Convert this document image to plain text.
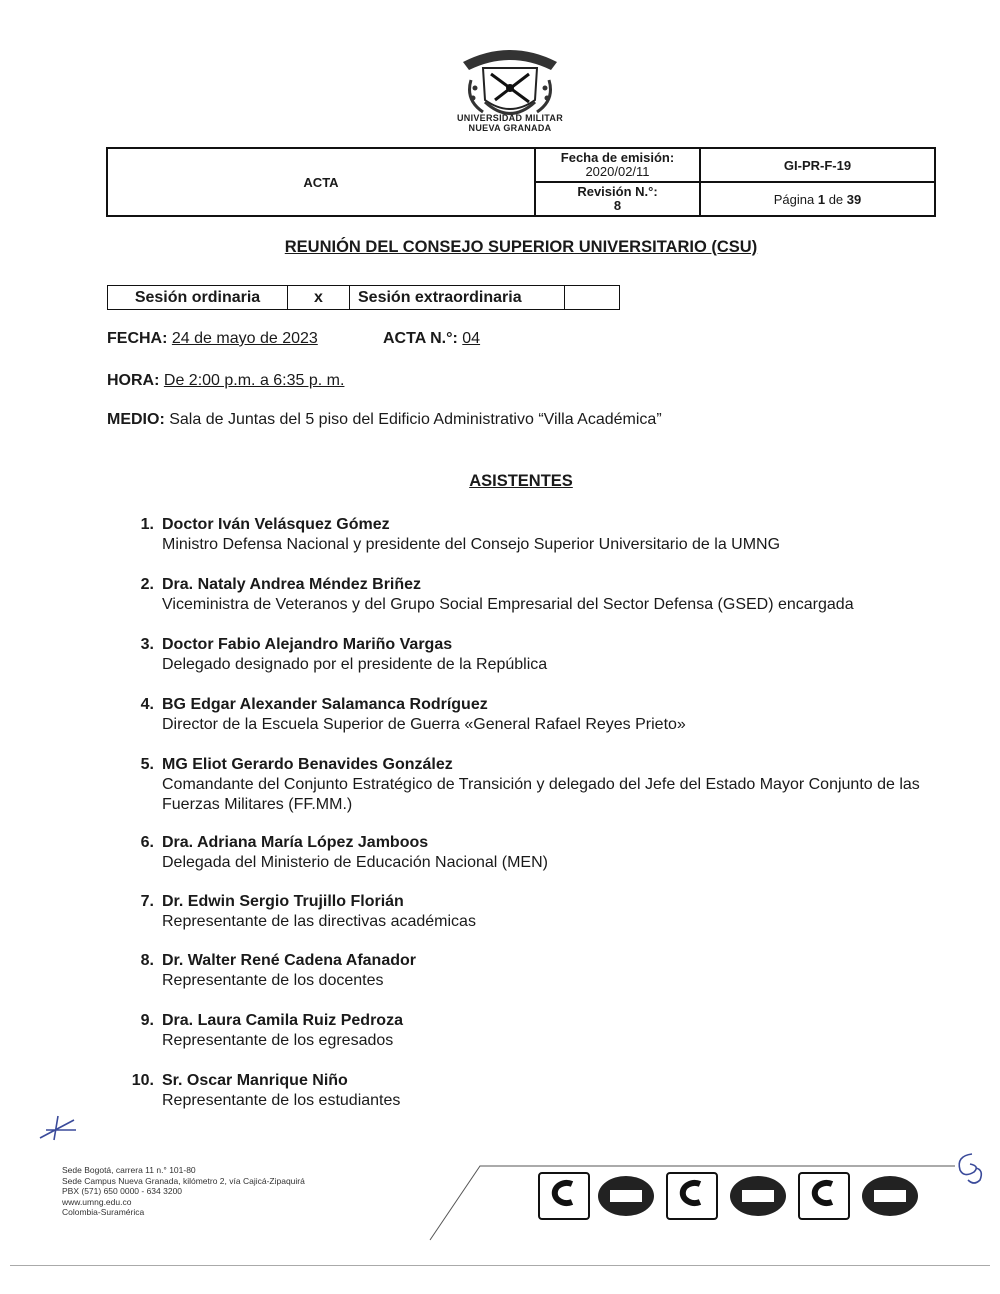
UNIVERSIDAD MILITAR
NUEVA GRANADA
ACTA	Fecha de emisión:
2020/02/11	GI-PR-F-19

	Revisión N.°:
8	Página 1 de 39
REUNIÓN DEL CONSEJO SUPERIOR UNIVERSITARIO (CSU)
Sesión ordinaria	x	Sesión extraordinaria	
FECHA: 24 de mayo de 2023	ACTA N.°: 04
HORA: De 2:00 p.m. a 6:35 p. m.
MEDIO: Sala de Juntas del 5 piso del Edificio Administrativo “Villa Académica”
ASISTENTES
1. Doctor Iván Velásquez Gómez
Ministro Defensa Nacional y presidente del Consejo Superior Universitario de la UMNG
2. Dra. Nataly Andrea Méndez Briñez
Viceministra de Veteranos y del Grupo Social Empresarial del Sector Defensa (GSED) encargada
3. Doctor Fabio Alejandro Mariño Vargas
Delegado designado por el presidente de la República
4. BG Edgar Alexander Salamanca Rodríguez
Director de la Escuela Superior de Guerra «General Rafael Reyes Prieto»
5. MG Eliot Gerardo Benavides González
Comandante del Conjunto Estratégico de Transición y delegado del Jefe del Estado Mayor Conjunto de las Fuerzas Militares (FF.MM.)
6. Dra. Adriana María López Jamboos
Delegada del Ministerio de Educación Nacional (MEN)
7. Dr. Edwin Sergio Trujillo Florián
Representante de las directivas académicas
8. Dr. Walter René Cadena Afanador
Representante de los docentes
9. Dra. Laura Camila Ruiz Pedroza
Representante de los egresados
10. Sr. Oscar Manrique Niño
Representante de los estudiantes
Sede Bogotá, carrera 11 n.° 101-80
Sede Campus Nueva Granada, kilómetro 2, vía Cajicá-Zipaquirá
PBX (571) 650 0000 - 634 3200
www.umng.edu.co
Colombia-Suramérica
